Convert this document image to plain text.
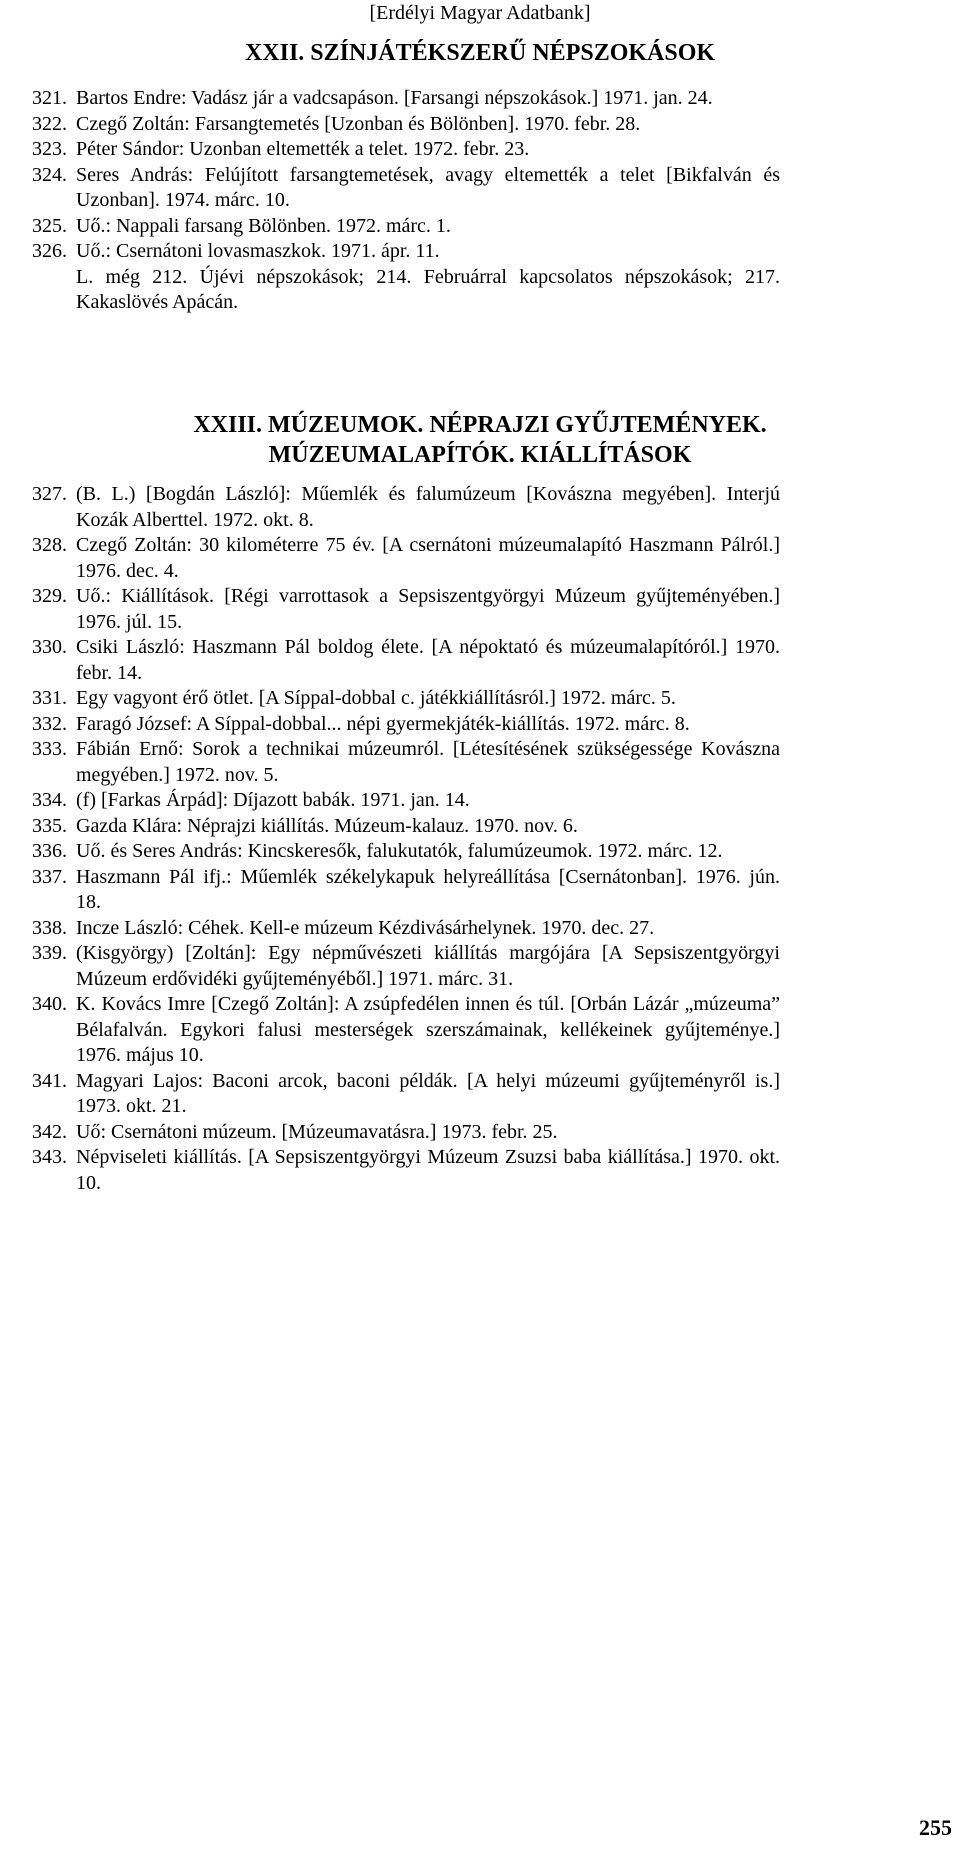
[Erdélyi Magyar Adatbank]
XXII. SZÍNJÁTÉKSZERŰ NÉPSZOKÁSOK
321. Bartos Endre: Vadász jár a vadcsapáson. [Farsangi népszokások.] 1971. jan. 24.
322. Czegő Zoltán: Farsangtemetés [Uzonban és Bölönben]. 1970. febr. 28.
323. Péter Sándor: Uzonban eltemették a telet. 1972. febr. 23.
324. Seres András: Felújított farsangtemetések, avagy eltemették a telet [Bikfalván és Uzonban]. 1974. márc. 10.
325. Uő.: Nappali farsang Bölönben. 1972. márc. 1.
326. Uő.: Csernátoni lovasmaszkok. 1971. ápr. 11.
L. még 212. Újévi népszokások; 214. Februárral kapcsolatos népszokások; 217. Kakaslövés Apácán.
XXIII. MÚZEUMOK. NÉPRAJZI GYŰJTEMÉNYEK.
MÚZEUMALAPÍTÓK. KIÁLLÍTÁSOK
327. (B. L.) [Bogdán László]: Műemlék és falumúzeum [Kovászna megyében]. Interjú Kozák Alberttel. 1972. okt. 8.
328. Czegő Zoltán: 30 kilométerre 75 év. [A csernátoni múzeumalapító Haszmann Pálról.] 1976. dec. 4.
329. Uő.: Kiállítások. [Régi varrottasok a Sepsiszentgyörgyi Múzeum gyűjteményében.] 1976. júl. 15.
330. Csiki László: Haszmann Pál boldog élete. [A népoktató és múzeumalapítóról.] 1970. febr. 14.
331. Egy vagyont érő ötlet. [A Síppal-dobbal c. játékkiállításról.] 1972. márc. 5.
332. Faragó József: A Síppal-dobbal... népi gyermekjáték-kiállítás. 1972. márc. 8.
333. Fábián Ernő: Sorok a technikai múzeumról. [Létesítésének szükségessége Kovászna megyében.] 1972. nov. 5.
334. (f) [Farkas Árpád]: Díjazott babák. 1971. jan. 14.
335. Gazda Klára: Néprajzi kiállítás. Múzeum-kalauz. 1970. nov. 6.
336. Uő. és Seres András: Kincskeresők, falukutatók, falumúzeumok. 1972. márc. 12.
337. Haszmann Pál ifj.: Műemlék székelykapuk helyreállítása [Csernátonban]. 1976. jún. 18.
338. Incze László: Céhek. Kell-e múzeum Kézdivásárhelynek. 1970. dec. 27.
339. (Kisgyörgy) [Zoltán]: Egy népművészeti kiállítás margójára [A Sepsiszentgyörgyi Múzeum erdővidéki gyűjteményéből.] 1971. márc. 31.
340. K. Kovács Imre [Czegő Zoltán]: A zsúpfedélen innen és túl. [Orbán Lázár „múzeuma” Bélafalván. Egykori falusi mesterségek szerszámainak, kellékeinek gyűjteménye.] 1976. május 10.
341. Magyari Lajos: Baconi arcok, baconi példák. [A helyi múzeumi gyűjteményről is.] 1973. okt. 21.
342. Uő: Csernátoni múzeum. [Múzeumavatásra.] 1973. febr. 25.
343. Népviseleti kiállítás. [A Sepsiszentgyörgyi Múzeum Zsuzsi baba kiállítása.] 1970. okt. 10.
255
